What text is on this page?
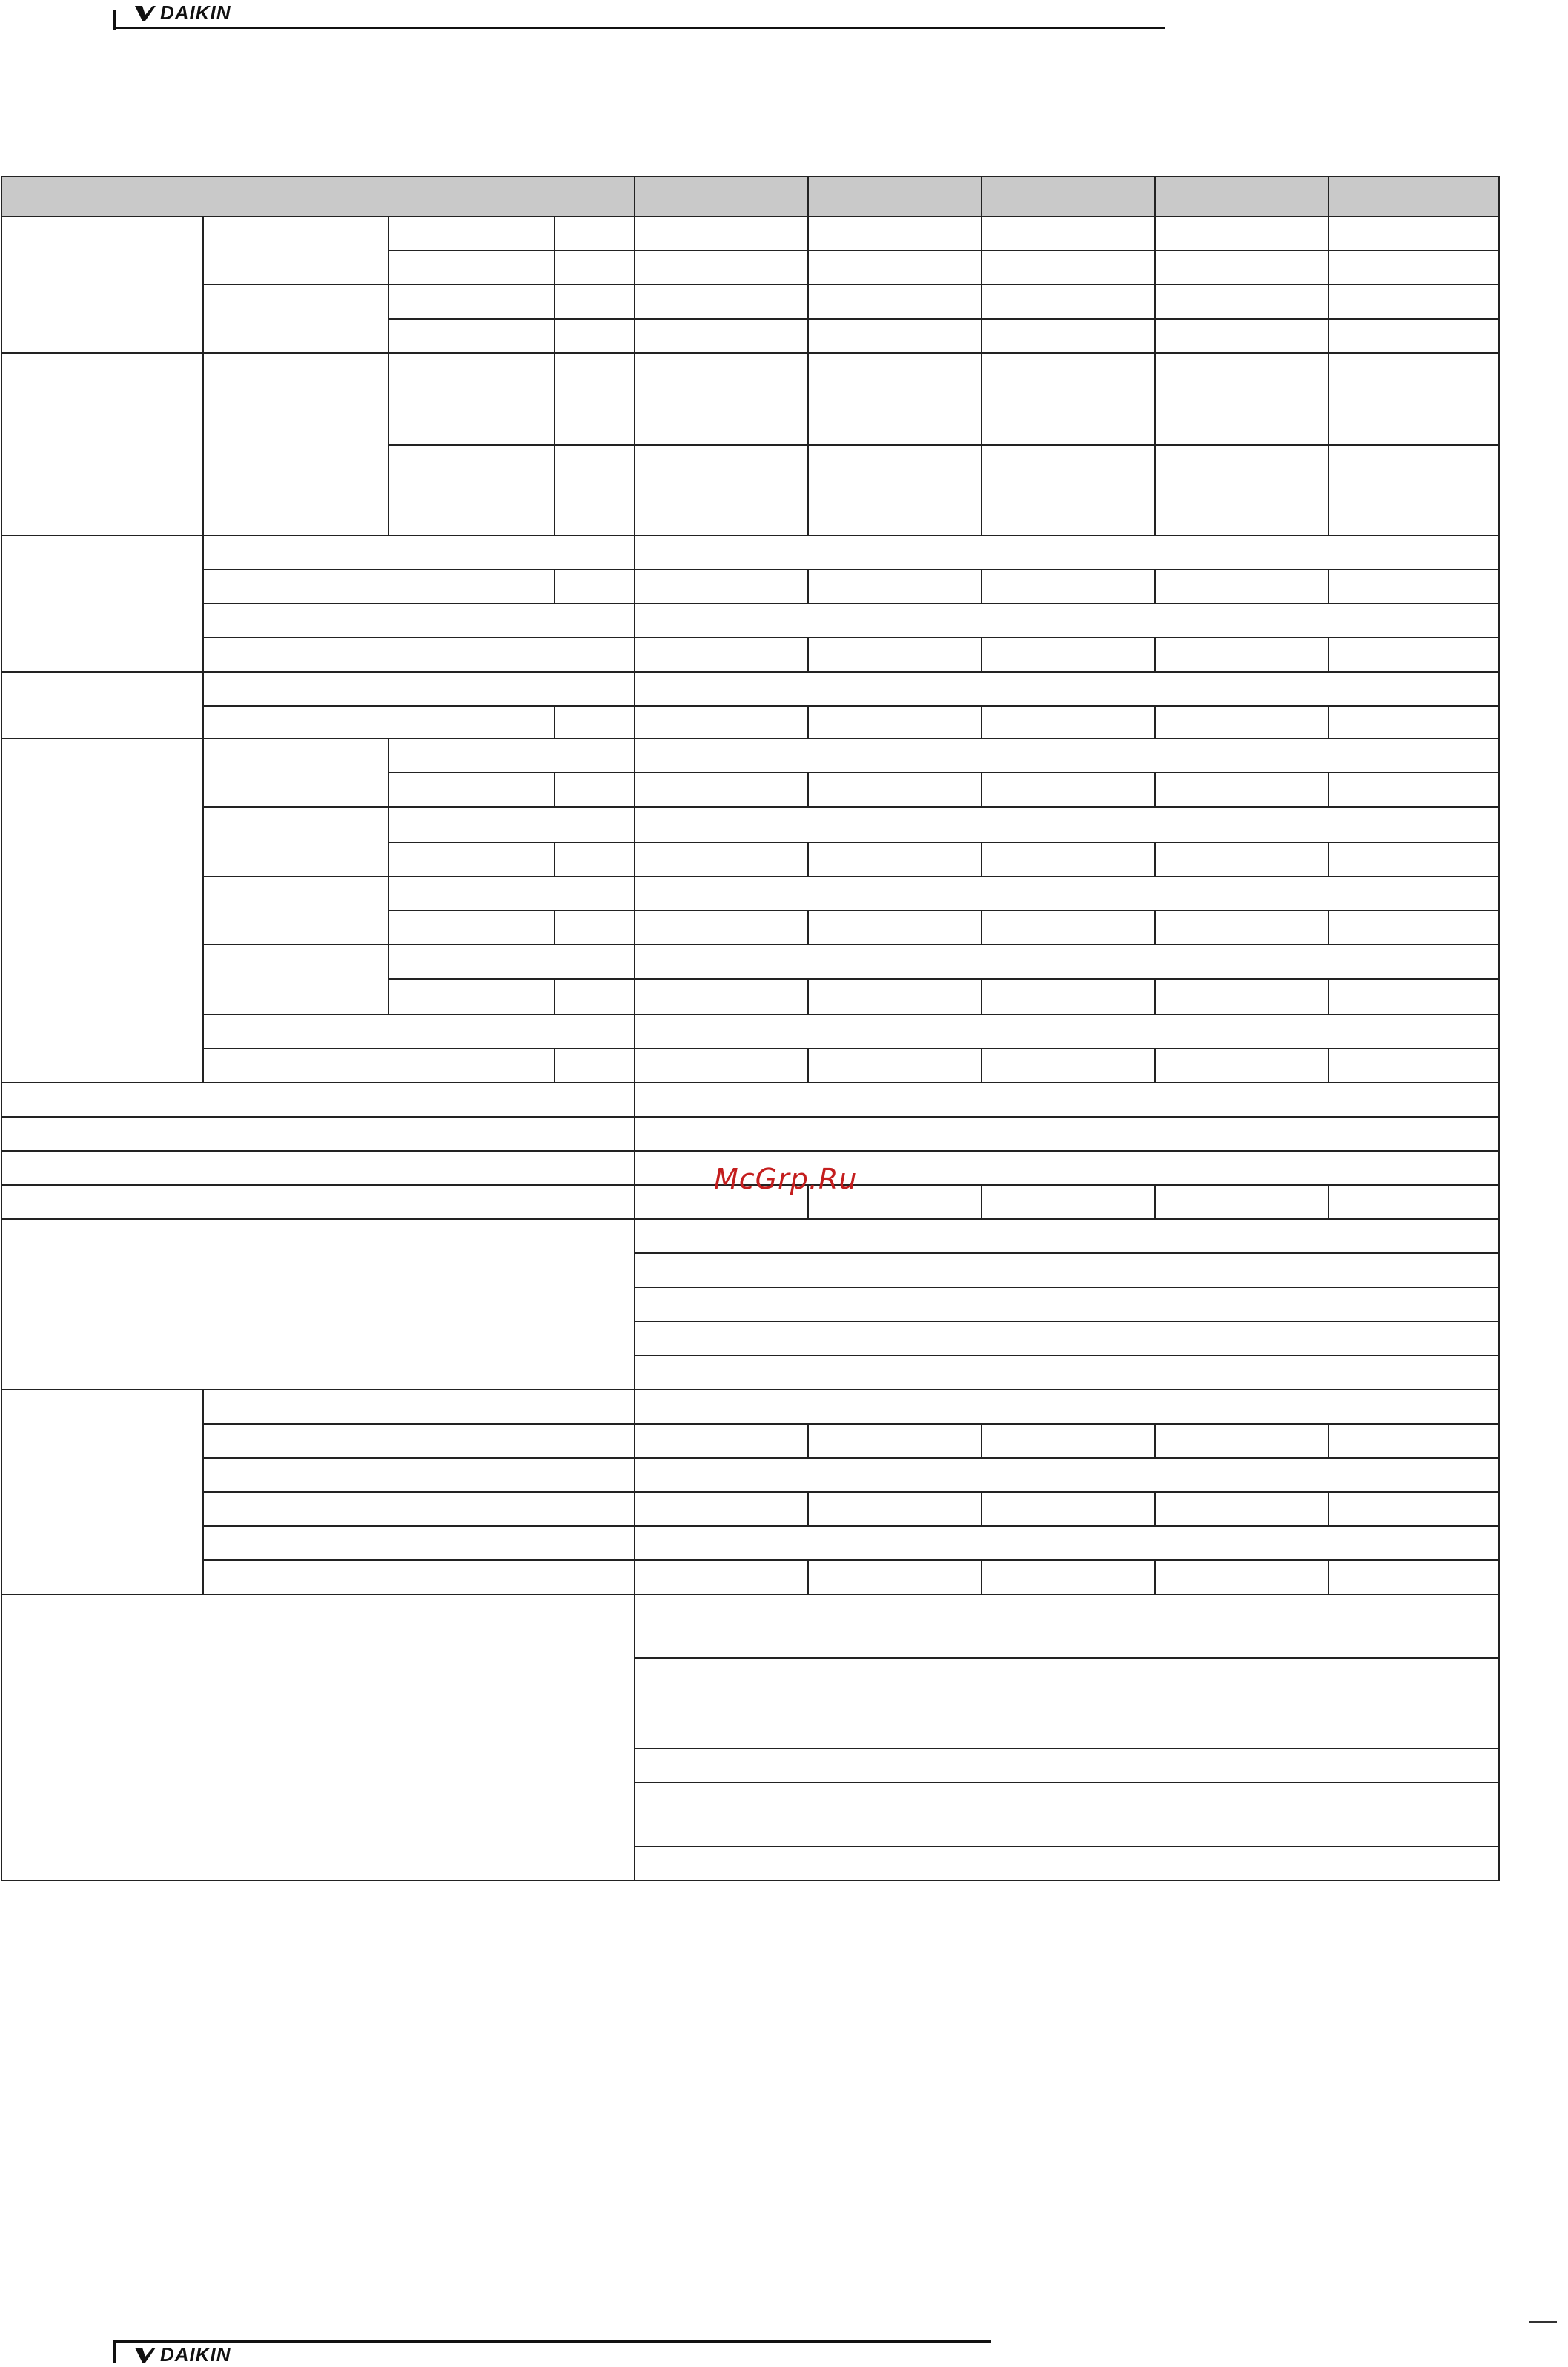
DAIKIN
McGrp.Ru
DAIKIN
